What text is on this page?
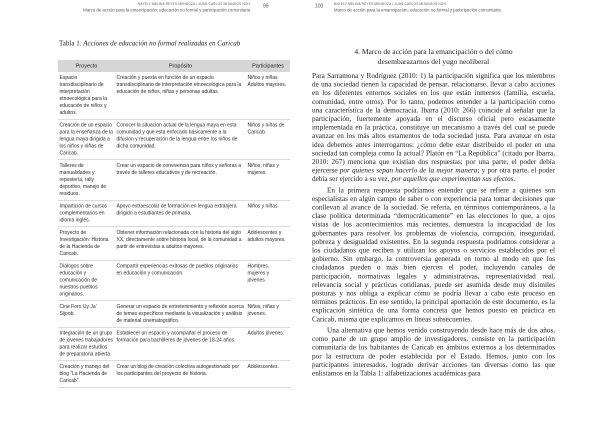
NAYELY MELINA REYES MENDOZA • JUAN CARLOS MIJANGOS NOH
Marco de acción para la emancipación: educación no formal y participación comunitaria
99
Tabla 1. Acciones de educación no formal realizadas en Caricab
Proyecto	Propósito	Participantes
Espacio transdisciplinario de interpretación etnoecológica para la educación de niños y adultos.	Creación y puesta en función de un espacio transdisciplinario de interpretación etnoecológica para la educación de niños, niñas y personas adultas.	Niños y niñas. Adultos mayores.
Creación de un espacio para la enseñanza de la lengua maya dirigida a los niños y niñas de Caricab.	Conocer la situación actual de la lengua maya en esta comunidad y que esta enfocado básicamente a la difusión y recuperación de la lengua entre los niños de dicha comunidad.	Niños y niñas de Caricab.
Talleres de manualidades y repostería, rally deportivo, manejo de residuos.	Crear un espacio de convivencia para niños y señoras a través de talleres educativos y de recreación.	Niños, niñas y mujeres.
Impartición de cursos complementarios en idioma inglés.	Apoyo extraescolar de formación en lengua extranjera dirigido a estudiantes de primaria.	Niños y niñas.
Proyecto de Investigación: Historia de la Hacienda de Caricab.	Obtener información relacionada con la historia del siglo XX, directamente sobre historia local, de la comunidad a partir de entrevistas a adultos mayores.	Adolescentes y adultos mayores.
Diálogos sobre educación y comunicación de nuestros pueblos originarios.	Compartir experiencias exitosas de pueblos originarios en educación y comunicación.	Hombres, mujeres y jóvenes.
Cine Foro Uy Ja’ Sijoob.	Generar un espacio de entretenimiento y reflexión acerca de temas específicos mediante la visualización y análisis de material cinematográfico.	Niños, niñas y jóvenes.
Integración de un grupo de jóvenes trabajadores para realizar estudios de preparatoria abierta.	Establecer un espacio y acompañar el proceso de formación para bachilleres de jóvenes de 18-24 años.	Adultos jóvenes.
Creación y manejo del blog “La Hacienda de Caricab”.	Crear un blog de creación colectiva autogestionado por los participantes del proyecto de historia.	Adolescentes.
100 NAYELY MELINA REYES MENDOZA • JUAN CARLOS MIJANGOS NOH
Marco de acción para la emancipación: educación no formal y participación comunitaria
4. Marco de acción para la emancipación o del cómo desembarazarnos del yugo neoliberal

Para Sarramona y Rodríguez (2010: 1) la participación significa que los miembros de una sociedad tienen la capacidad de pensar, relacionarse, llevar a cabo acciones en los diferentes entornos sociales en los que están inmersos (familia, escuela, comunidad, entre otros). Por lo tanto, podemos entender a la participación como una característica de la democracia. Ibarra (2010: 266) coincide al señalar que la participación, fuertemente apoyada en el discurso oficial pero escasamente implementada en la práctica, constituye un mecanismo a través del cual se puede avanzar en los más altos estamentos de toda sociedad justa. Para avanzar en esta idea debemos antes interrogarnos: ¿cómo debe estar distribuido el poder en una sociedad tan compleja como la actual? Platón en “La República” (citado por Ibarra, 2010: 267) menciona que existían dos respuestas; por una parte, el poder debía ejercerse por quienes sepan hacerlo de la mejor manera; y por otra parte, el poder debía ser ejercido a su vez, por aquellos que experimentan sus efectos.

En la primera respuesta podríamos entender que se refiere a quienes son especialistas en algún campo de saber o con experiencia para tomar decisiones que conllevan al avance de la sociedad. Se refería, en términos contemporáneos, a la clase política determinada “democráticamente” en las elecciones lo que, a ojos vistas de los acontecimientos más recientes, demuestra la incapacidad de los gobernantes para resolver los problemas de violencia, corrupción, inseguridad, pobreza y desigualdad existentes. En la segunda respuesta podríamos considerar a los ciudadanos que reciben y utilizan los apoyos o servicios establecidos por el gobierno. Sin embargo, la controversia generada en torno al modo en que los ciudadanos pueden o más bien ejercen el poder, incluyendo canales de participación, normativas legales y administrativas, representatividad real, relevancia social y prácticas cotidianas, puede ser asumida desde muy disímiles posturas y nos obliga a explicar cómo se podría llevar a cabo este proceso en términos prácticos. En ese sentido, la principal aportación de este documento, es la explicación sintética de una forma concreta que hemos puesto en práctica en Caricab, misma que explicamos en líneas subsecuentes.

Una alternativa que hemos venido construyendo desde hace más de dos años, como parte de un grupo amplio de investigadores, consiste en la participación comunitaria de los habitantes de Caricab en ámbitos externos a los determinados por la estructura de poder establecida por el Estado. Hemos, junto con los participantes interesados, logrado derivar acciones tan diversas como las que enlistamos en la Tabla 1: alfabetizaciones académicas para
